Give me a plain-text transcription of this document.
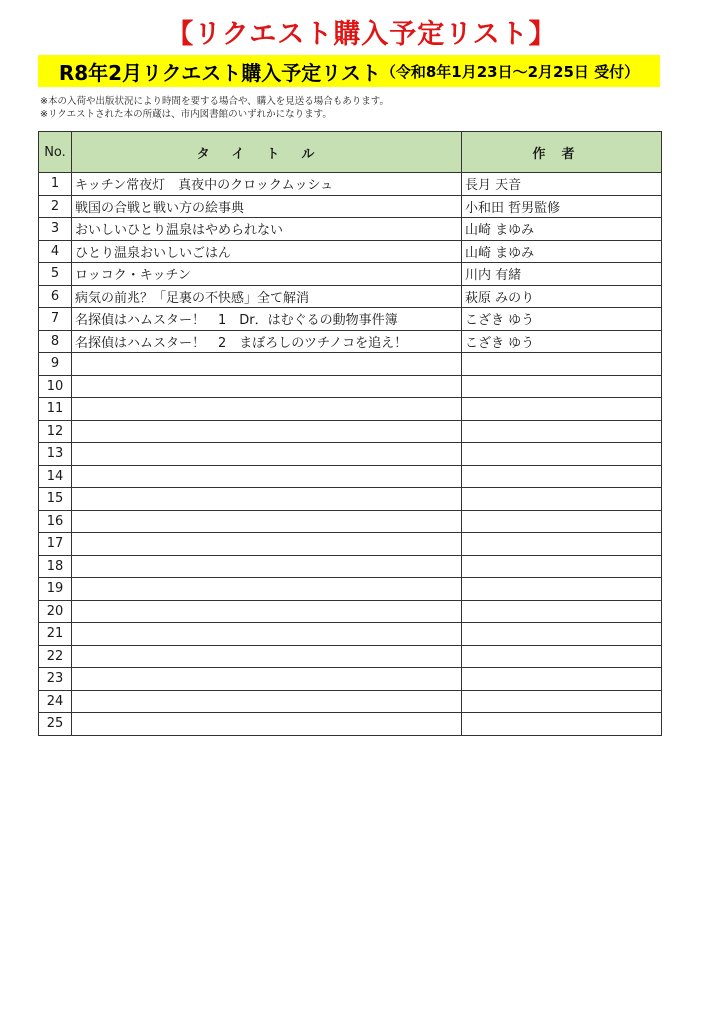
【リクエスト購入予定リスト】
R8年2月リクエスト購入予定リスト （令和8年1月23日～2月25日 受付）
※本の入荷や出版状況により時間を要する場合や、購入を見送る場合もあります。
※リクエストされた本の所蔵は、市内図書館のいずれかになります。
No.	タイトル	作者
1	キッチン常夜灯　真夜中のクロックムッシュ	長月 天音
2	戦国の合戦と戦い方の絵事典	小和田 哲男監修
3	おいしいひとり温泉はやめられない	山崎 まゆみ
4	ひとり温泉おいしいごはん	山崎 まゆみ
5	ロッコク・キッチン	川内 有緒
6	病気の前兆？「足裏の不快感」全て解消	萩原 みのり
7	名探偵はハムスター！　1　Dr．はむぐるの動物事件簿	こざき ゆう
8	名探偵はハムスター！　2　まぼろしのツチノコを追え！	こざき ゆう
9		
10		
11		
12		
13		
14		
15		
16		
17		
18		
19		
20		
21		
22		
23		
24		
25		
